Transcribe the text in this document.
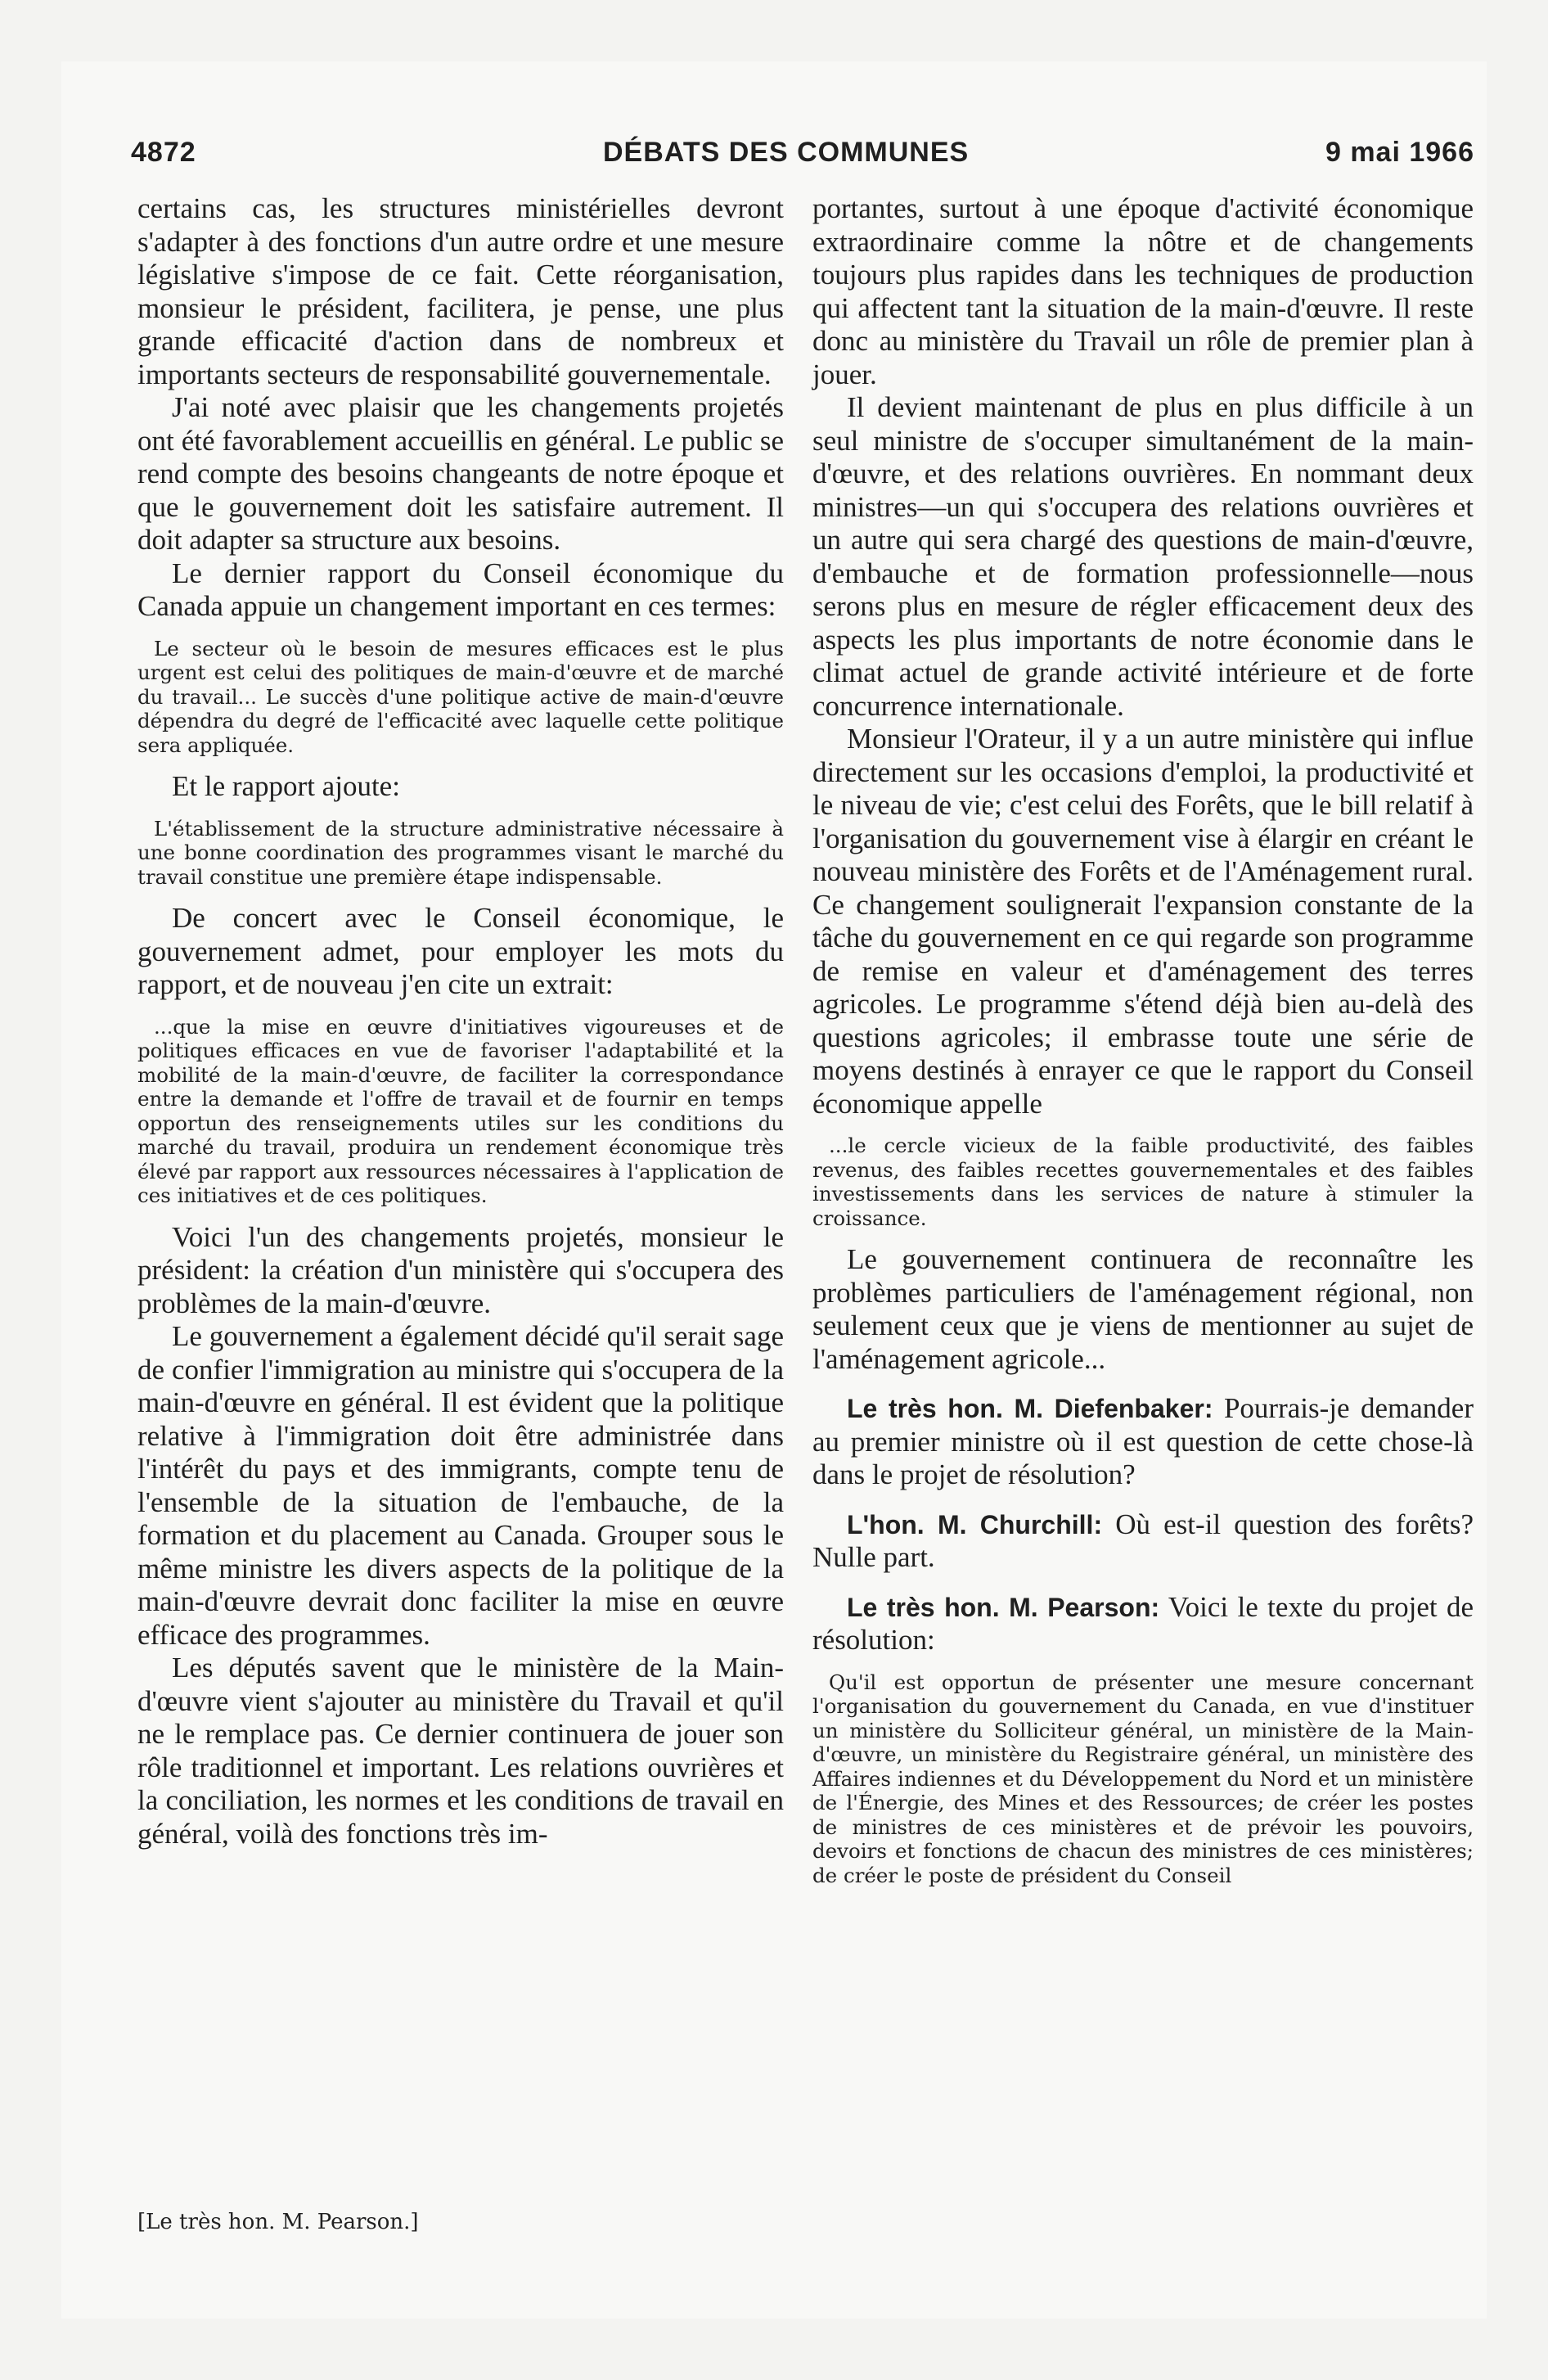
4872	DÉBATS DES COMMUNES	9 mai 1966

certains cas, les structures ministérielles devront s'adapter à des fonctions d'un autre ordre et une mesure législative s'impose de ce fait. Cette réorganisation, monsieur le président, facilitera, je pense, une plus grande efficacité d'action dans de nombreux et importants secteurs de responsabilité gouvernementale.

J'ai noté avec plaisir que les changements projetés ont été favorablement accueillis en général. Le public se rend compte des besoins changeants de notre époque et que le gouvernement doit les satisfaire autrement. Il doit adapter sa structure aux besoins.

Le dernier rapport du Conseil économique du Canada appuie un changement important en ces termes:

Le secteur où le besoin de mesures efficaces est le plus urgent est celui des politiques de main-d'œuvre et de marché du travail... Le succès d'une politique active de main-d'œuvre dépendra du degré de l'efficacité avec laquelle cette politique sera appliquée.

Et le rapport ajoute:

L'établissement de la structure administrative nécessaire à une bonne coordination des programmes visant le marché du travail constitue une première étape indispensable.

De concert avec le Conseil économique, le gouvernement admet, pour employer les mots du rapport, et de nouveau j'en cite un extrait:

...que la mise en œuvre d'initiatives vigoureuses et de politiques efficaces en vue de favoriser l'adaptabilité et la mobilité de la main-d'œuvre, de faciliter la correspondance entre la demande et l'offre de travail et de fournir en temps opportun des renseignements utiles sur les conditions du marché du travail, produira un rendement économique très élevé par rapport aux ressources nécessaires à l'application de ces initiatives et de ces politiques.

Voici l'un des changements projetés, monsieur le président: la création d'un ministère qui s'occupera des problèmes de la main-d'œuvre.

Le gouvernement a également décidé qu'il serait sage de confier l'immigration au ministre qui s'occupera de la main-d'œuvre en général. Il est évident que la politique relative à l'immigration doit être administrée dans l'intérêt du pays et des immigrants, compte tenu de l'ensemble de la situation de l'embauche, de la formation et du placement au Canada. Grouper sous le même ministre les divers aspects de la politique de la main-d'œuvre devrait donc faciliter la mise en œuvre efficace des programmes.

Les députés savent que le ministère de la Main-d'œuvre vient s'ajouter au ministère du Travail et qu'il ne le remplace pas. Ce dernier continuera de jouer son rôle traditionnel et important. Les relations ouvrières et la conciliation, les normes et les conditions de travail en général, voilà des fonctions très im-

[Le très hon. M. Pearson.]

portantes, surtout à une époque d'activité économique extraordinaire comme la nôtre et de changements toujours plus rapides dans les techniques de production qui affectent tant la situation de la main-d'œuvre. Il reste donc au ministère du Travail un rôle de premier plan à jouer.

Il devient maintenant de plus en plus difficile à un seul ministre de s'occuper simultanément de la main-d'œuvre, et des relations ouvrières. En nommant deux ministres—un qui s'occupera des relations ouvrières et un autre qui sera chargé des questions de main-d'œuvre, d'embauche et de formation professionnelle—nous serons plus en mesure de régler efficacement deux des aspects les plus importants de notre économie dans le climat actuel de grande activité intérieure et de forte concurrence internationale.

Monsieur l'Orateur, il y a un autre ministère qui influe directement sur les occasions d'emploi, la productivité et le niveau de vie; c'est celui des Forêts, que le bill relatif à l'organisation du gouvernement vise à élargir en créant le nouveau ministère des Forêts et de l'Aménagement rural. Ce changement soulignerait l'expansion constante de la tâche du gouvernement en ce qui regarde son programme de remise en valeur et d'aménagement des terres agricoles. Le programme s'étend déjà bien au-delà des questions agricoles; il embrasse toute une série de moyens destinés à enrayer ce que le rapport du Conseil économique appelle

...le cercle vicieux de la faible productivité, des faibles revenus, des faibles recettes gouvernementales et des faibles investissements dans les services de nature à stimuler la croissance.

Le gouvernement continuera de reconnaître les problèmes particuliers de l'aménagement régional, non seulement ceux que je viens de mentionner au sujet de l'aménagement agricole...

Le très hon. M. Diefenbaker: Pourrais-je demander au premier ministre où il est question de cette chose-là dans le projet de résolution?

L'hon. M. Churchill: Où est-il question des forêts? Nulle part.

Le très hon. M. Pearson: Voici le texte du projet de résolution:

Qu'il est opportun de présenter une mesure concernant l'organisation du gouvernement du Canada, en vue d'instituer un ministère du Solliciteur général, un ministère de la Main-d'œuvre, un ministère du Registraire général, un ministère des Affaires indiennes et du Développement du Nord et un ministère de l'Énergie, des Mines et des Ressources; de créer les postes de ministres de ces ministères et de prévoir les pouvoirs, devoirs et fonctions de chacun des ministres de ces ministères; de créer le poste de président du Conseil
